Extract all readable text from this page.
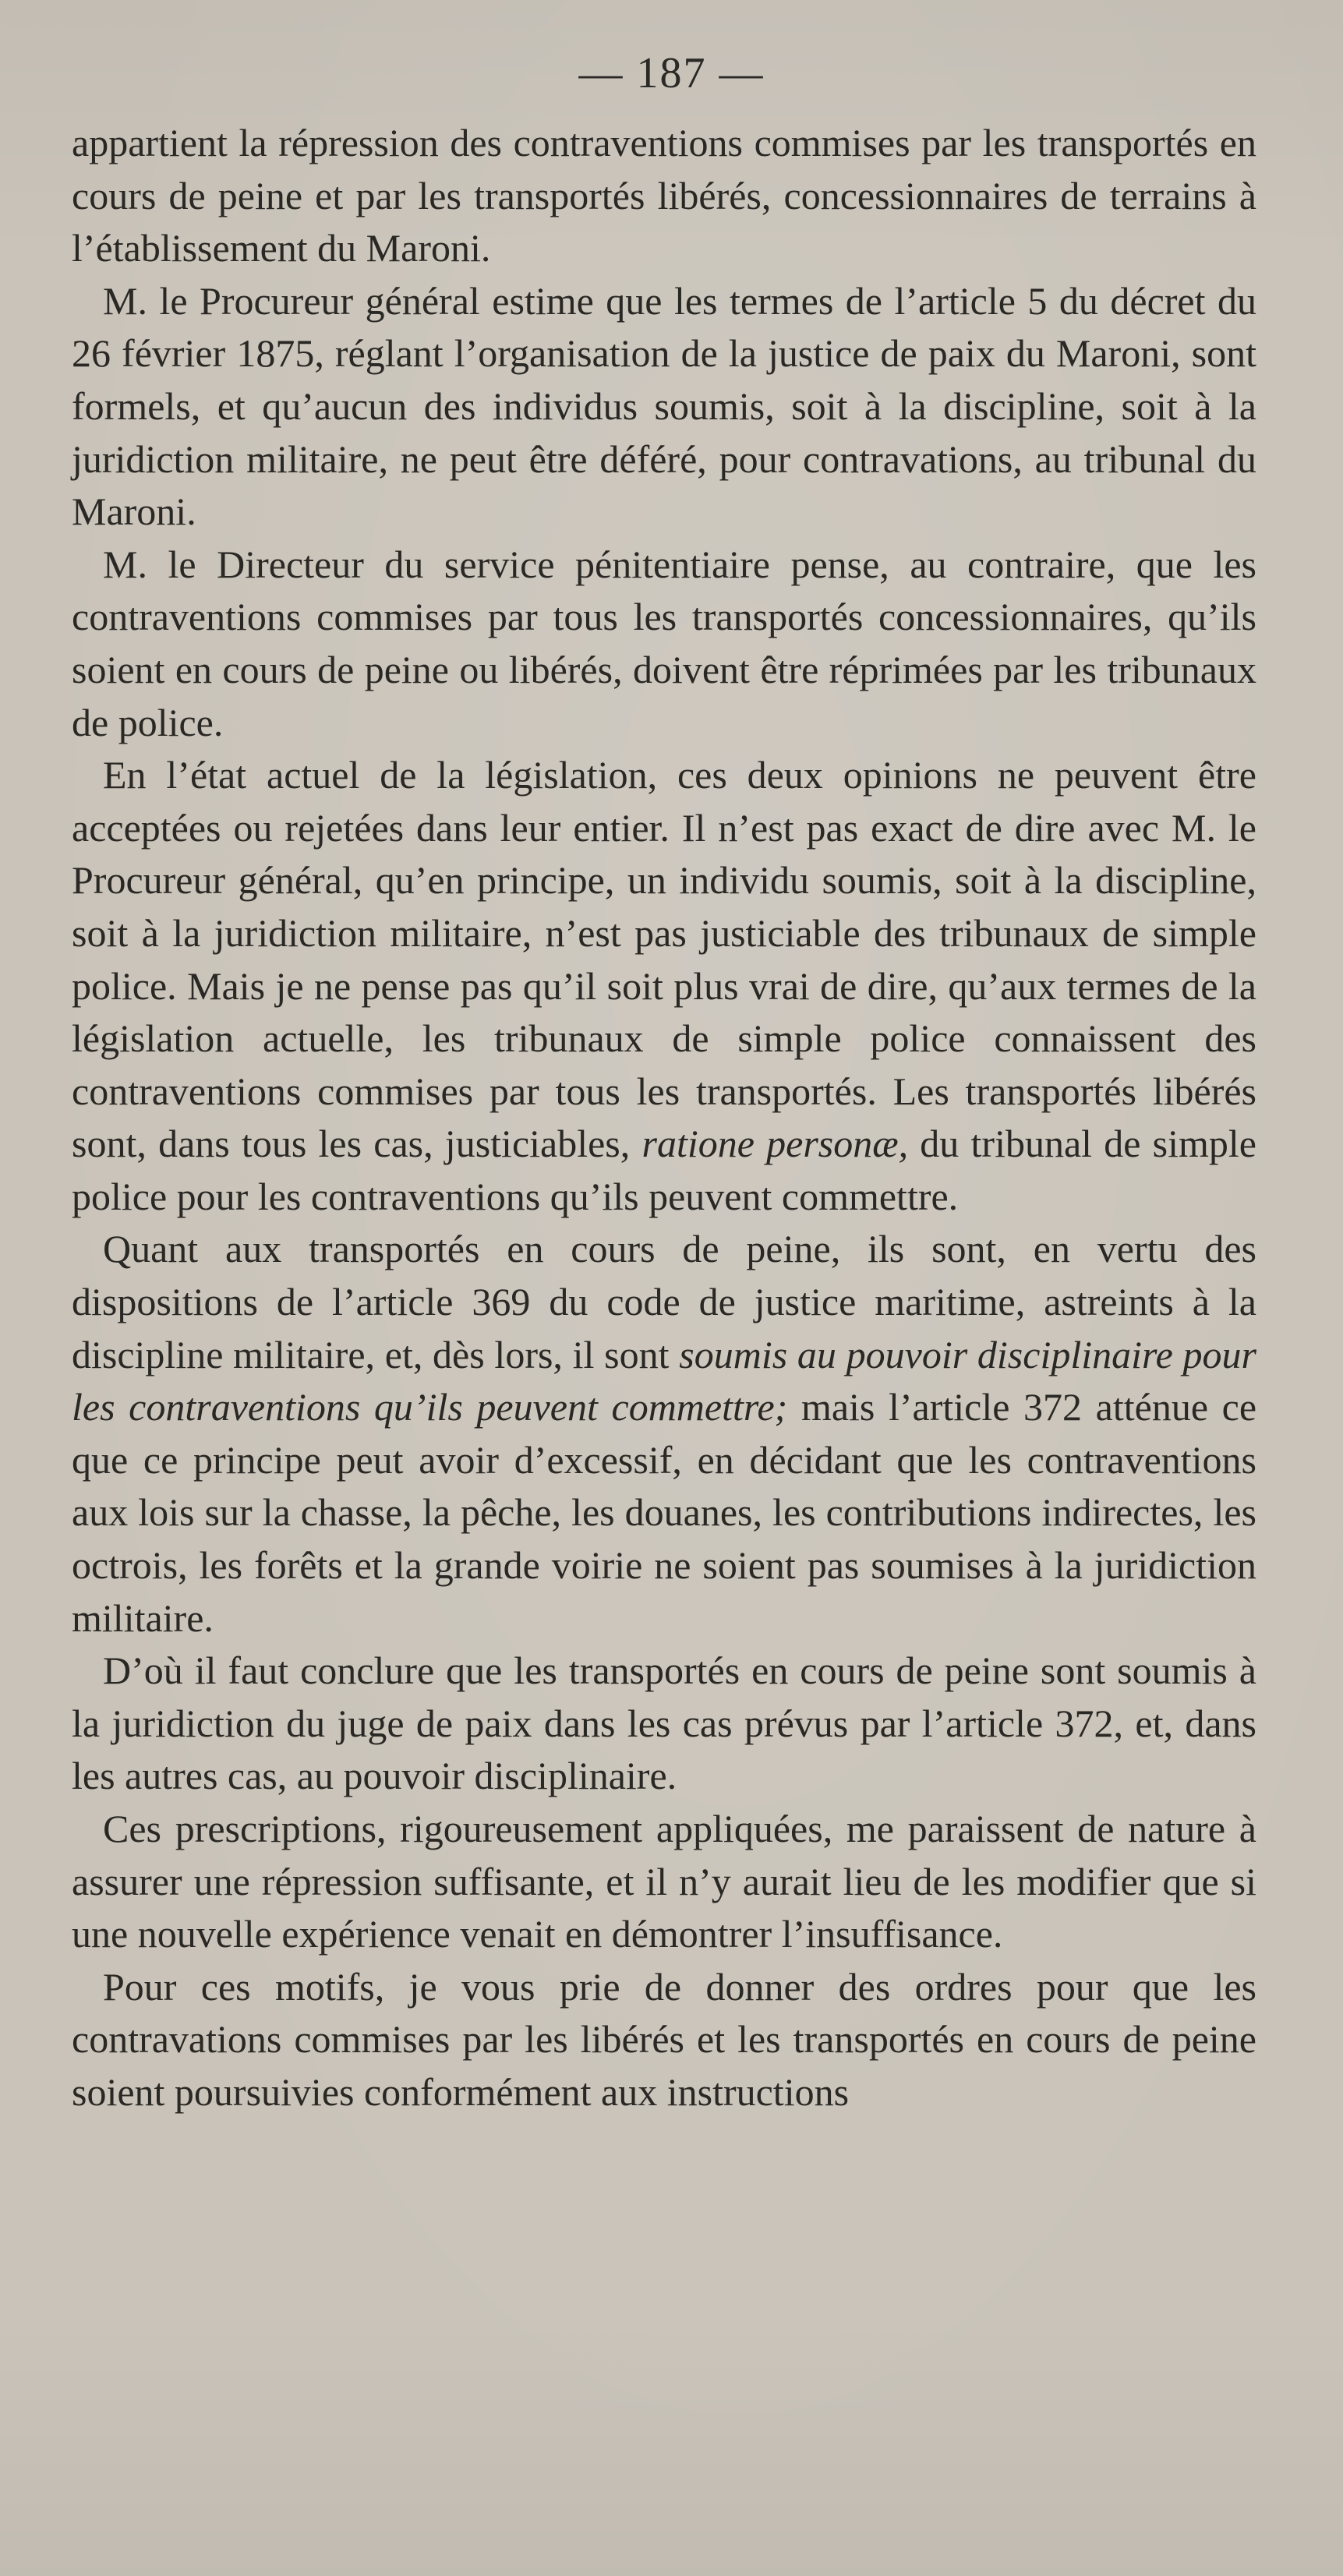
— 187 —

appartient la répression des contraventions commises par les transportés en cours de peine et par les transportés libérés, concessionnaires de terrains à l’établissement du Maroni.

M. le Procureur général estime que les termes de l’article 5 du décret du 26 février 1875, réglant l’organisation de la justice de paix du Maroni, sont formels, et qu’aucun des individus soumis, soit à la discipline, soit à la juridiction militaire, ne peut être déféré, pour contravations, au tribunal du Maroni.

M. le Directeur du service pénitentiaire pense, au contraire, que les contraventions commises par tous les transportés concessionnaires, qu’ils soient en cours de peine ou libérés, doivent être réprimées par les tribunaux de police.

En l’état actuel de la législation, ces deux opinions ne peuvent être acceptées ou rejetées dans leur entier. Il n’est pas exact de dire avec M. le Procureur général, qu’en principe, un individu soumis, soit à la discipline, soit à la juridiction militaire, n’est pas justiciable des tribunaux de simple police. Mais je ne pense pas qu’il soit plus vrai de dire, qu’aux termes de la législation actuelle, les tribunaux de simple police connaissent des contraventions commises par tous les transportés. Les transportés libérés sont, dans tous les cas, justiciables, ratione personæ, du tribunal de simple police pour les contraventions qu’ils peuvent commettre.

Quant aux transportés en cours de peine, ils sont, en vertu des dispositions de l’article 369 du code de justice maritime, astreints à la discipline militaire, et, dès lors, il sont soumis au pouvoir disciplinaire pour les contraventions qu’ils peuvent commettre; mais l’article 372 atténue ce que ce principe peut avoir d’excessif, en décidant que les contraventions aux lois sur la chasse, la pêche, les douanes, les contributions indirectes, les octrois, les forêts et la grande voirie ne soient pas soumises à la juridiction militaire.

D’où il faut conclure que les transportés en cours de peine sont soumis à la juridiction du juge de paix dans les cas prévus par l’article 372, et, dans les autres cas, au pouvoir disciplinaire.

Ces prescriptions, rigoureusement appliquées, me paraissent de nature à assurer une répression suffisante, et il n’y aurait lieu de les modifier que si une nouvelle expérience venait en démontrer l’insuffisance.

Pour ces motifs, je vous prie de donner des ordres pour que les contravations commises par les libérés et les transportés en cours de peine soient poursuivies conformément aux instructions
